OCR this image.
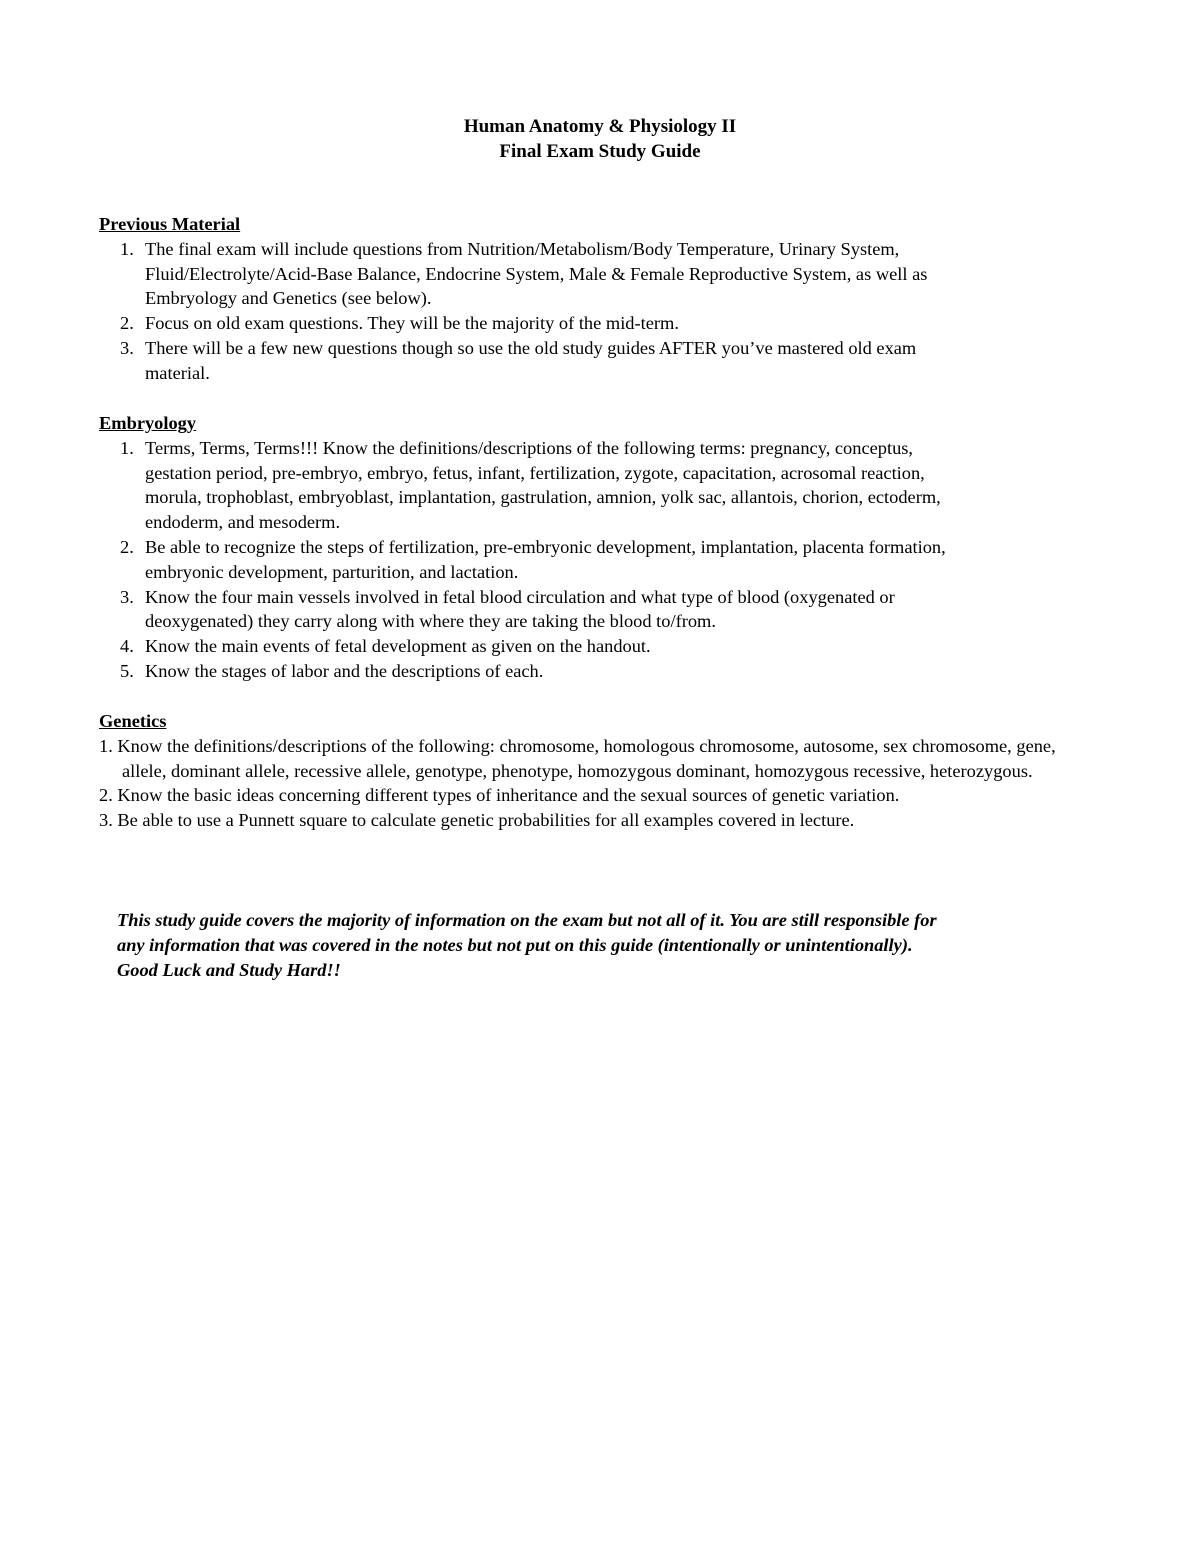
Human Anatomy & Physiology II
Final Exam Study Guide
Previous Material
1. The final exam will include questions from Nutrition/Metabolism/Body Temperature, Urinary System, Fluid/Electrolyte/Acid-Base Balance, Endocrine System, Male & Female Reproductive System, as well as Embryology and Genetics (see below).
2. Focus on old exam questions. They will be the majority of the mid-term.
3. There will be a few new questions though so use the old study guides AFTER you’ve mastered old exam material.
Embryology
1. Terms, Terms, Terms!!! Know the definitions/descriptions of the following terms: pregnancy, conceptus, gestation period, pre-embryo, embryo, fetus, infant, fertilization, zygote, capacitation, acrosomal reaction, morula, trophoblast, embryoblast, implantation, gastrulation, amnion, yolk sac, allantois, chorion, ectoderm, endoderm, and mesoderm.
2. Be able to recognize the steps of fertilization, pre-embryonic development, implantation, placenta formation, embryonic development, parturition, and lactation.
3. Know the four main vessels involved in fetal blood circulation and what type of blood (oxygenated or deoxygenated) they carry along with where they are taking the blood to/from.
4. Know the main events of fetal development as given on the handout.
5. Know the stages of labor and the descriptions of each.
Genetics
1. Know the definitions/descriptions of the following: chromosome, homologous chromosome, autosome, sex chromosome, gene, allele, dominant allele, recessive allele, genotype, phenotype, homozygous dominant, homozygous recessive, heterozygous.
2. Know the basic ideas concerning different types of inheritance and the sexual sources of genetic variation.
3. Be able to use a Punnett square to calculate genetic probabilities for all examples covered in lecture.
This study guide covers the majority of information on the exam but not all of it. You are still responsible for
any information that was covered in the notes but not put on this guide (intentionally or unintentionally).
Good Luck and Study Hard!!
